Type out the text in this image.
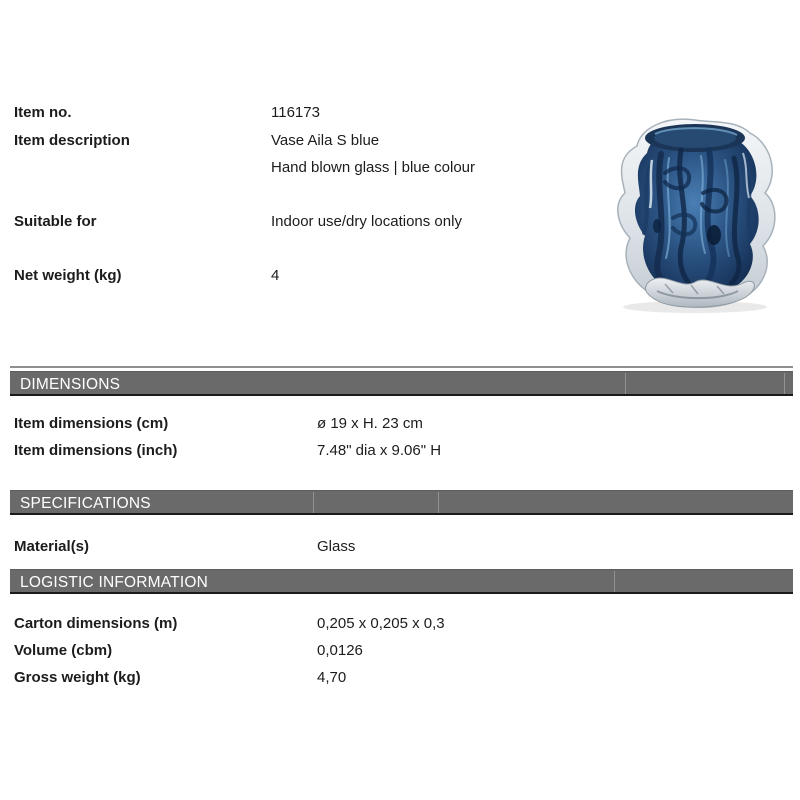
Item no.	116173
Item description	Vase Aila S blue
Hand blown glass | blue colour
Suitable for	Indoor use/dry locations only
Net weight (kg)	4
DIMENSIONS
Item dimensions (cm)	ø 19 x H. 23 cm
Item dimensions (inch)	7.48" dia x 9.06" H
SPECIFICATIONS
Material(s)	Glass
LOGISTIC INFORMATION
Carton dimensions (m)	0,205 x 0,205 x 0,3
Volume (cbm)	0,0126
Gross weight (kg)	4,70
